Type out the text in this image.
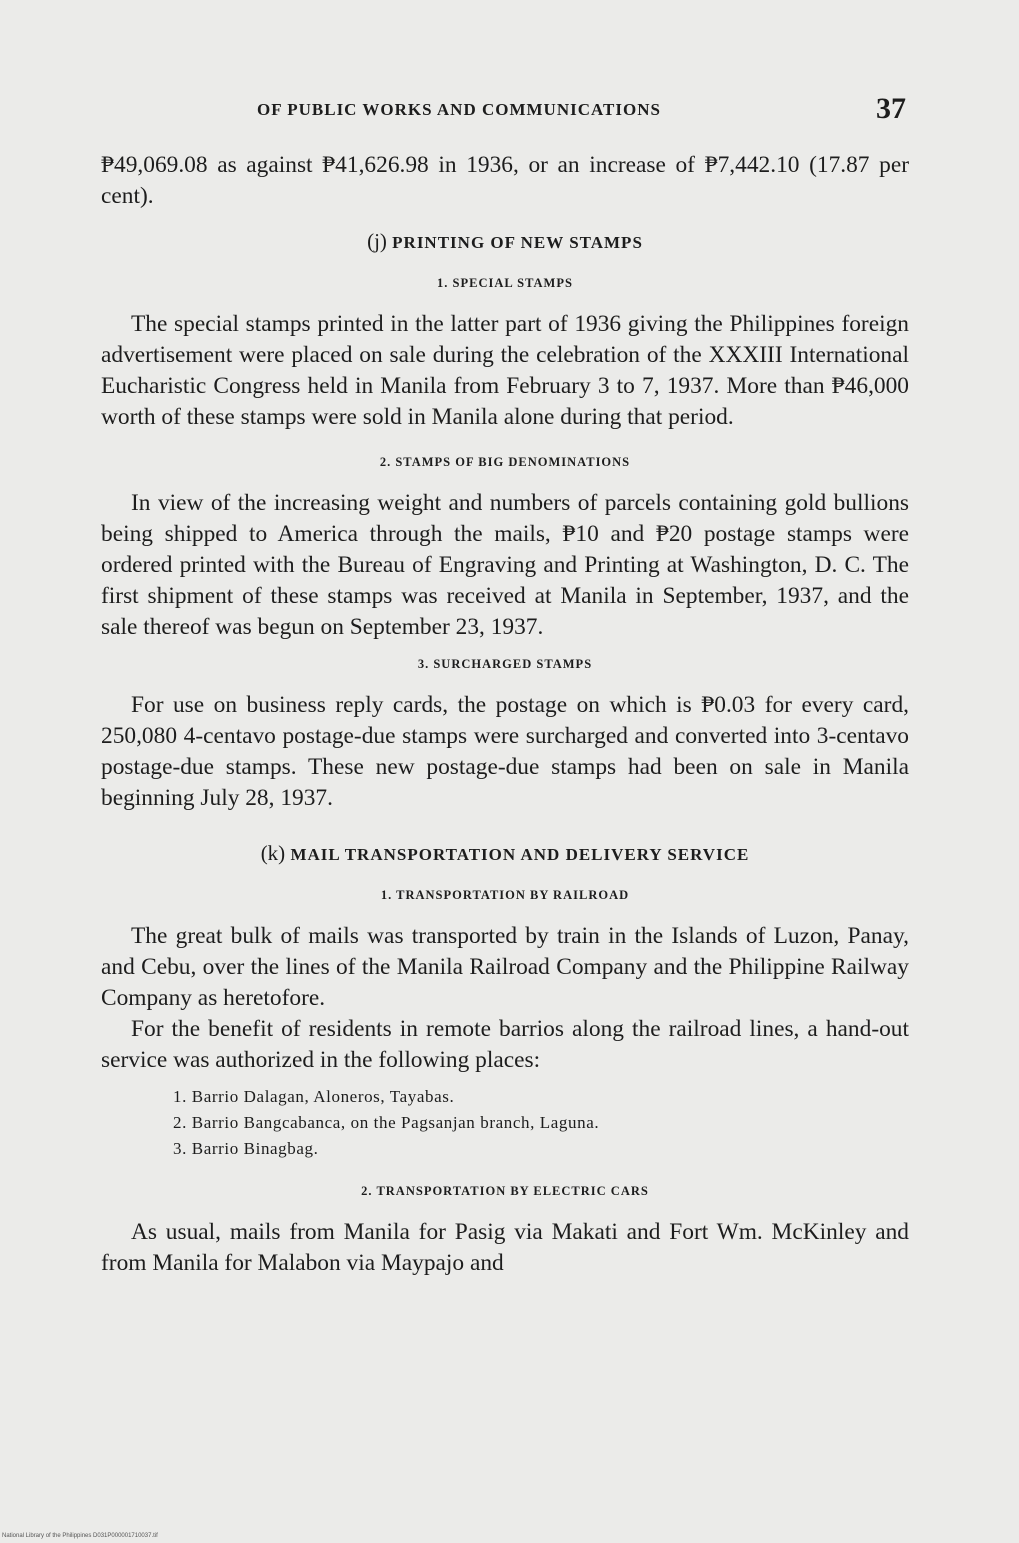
OF PUBLIC WORKS AND COMMUNICATIONS	37

₱49,069.08 as against ₱41,626.98 in 1936, or an increase of ₱7,442.10 (17.87 per cent).

(j) PRINTING OF NEW STAMPS
1. SPECIAL STAMPS

The special stamps printed in the latter part of 1936 giving the Philippines foreign advertisement were placed on sale during the celebration of the XXXIII International Eucharistic Congress held in Manila from February 3 to 7, 1937. More than ₱46,000 worth of these stamps were sold in Manila alone during that period.

2. STAMPS OF BIG DENOMINATIONS

In view of the increasing weight and numbers of parcels containing gold bullions being shipped to America through the mails, ₱10 and ₱20 postage stamps were ordered printed with the Bureau of Engraving and Printing at Washington, D. C. The first shipment of these stamps was received at Manila in September, 1937, and the sale thereof was begun on September 23, 1937.

3. SURCHARGED STAMPS

For use on business reply cards, the postage on which is ₱0.03 for every card, 250,080 4-centavo postage-due stamps were surcharged and converted into 3-centavo postage-due stamps. These new postage-due stamps had been on sale in Manila beginning July 28, 1937.

(k) MAIL TRANSPORTATION AND DELIVERY SERVICE
1. TRANSPORTATION BY RAILROAD

The great bulk of mails was transported by train in the Islands of Luzon, Panay, and Cebu, over the lines of the Manila Railroad Company and the Philippine Railway Company as heretofore.

For the benefit of residents in remote barrios along the railroad lines, a hand-out service was authorized in the following places:

1. Barrio Dalagan, Aloneros, Tayabas.
2. Barrio Bangcabanca, on the Pagsanjan branch, Laguna.
3. Barrio Binagbag.
2. TRANSPORTATION BY ELECTRIC CARS

As usual, mails from Manila for Pasig via Makati and Fort Wm. McKinley and from Manila for Malabon via Maypajo and

National Library of the Philippines D031P000001710037.tif
